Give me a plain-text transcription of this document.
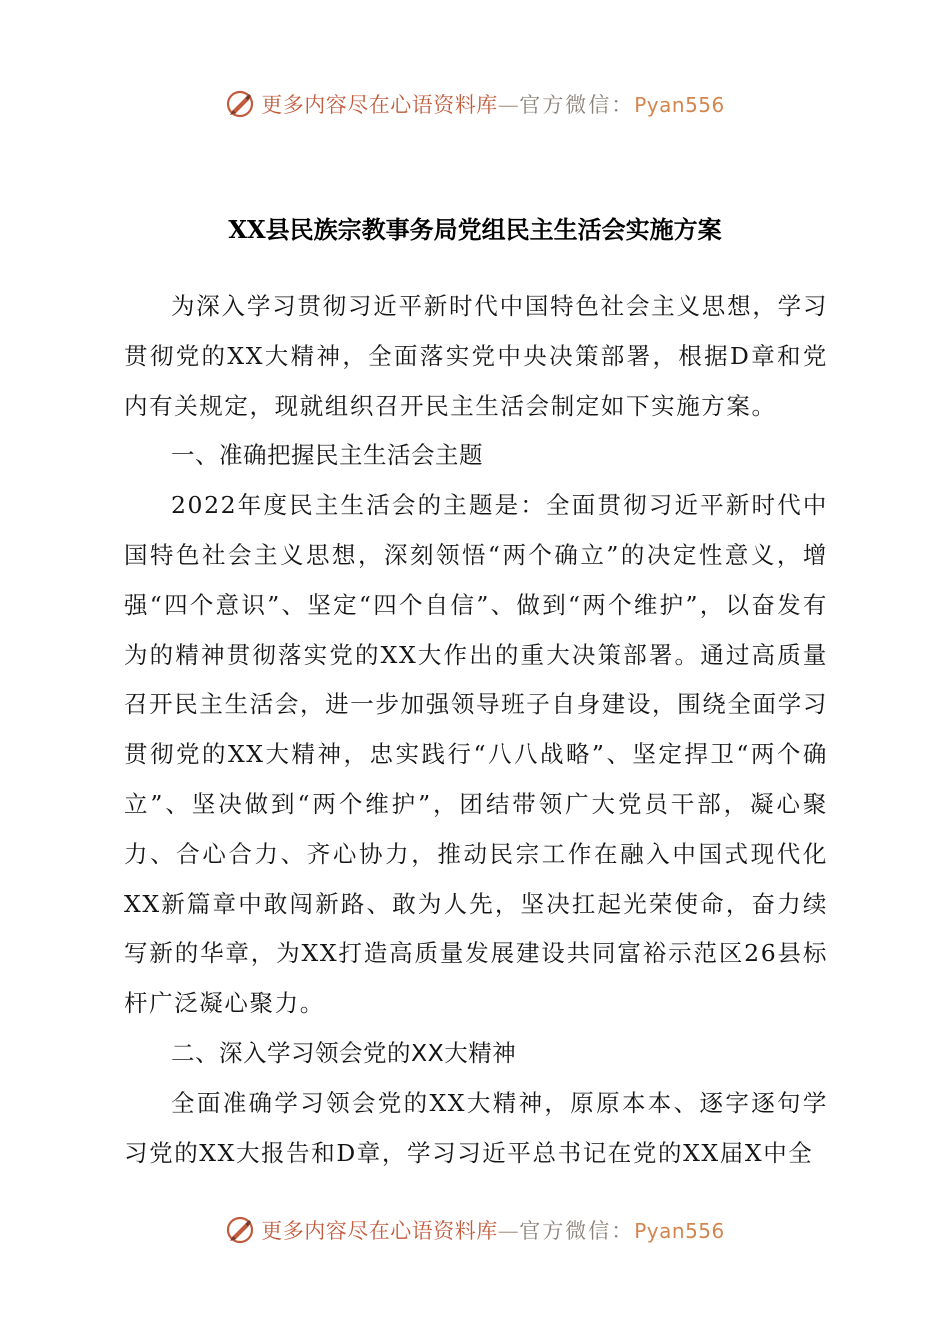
更多内容尽在心语资料库—官方微信：Pyan556
XX县民族宗教事务局党组民主生活会实施方案

为深入学习贯彻习近平新时代中国特色社会主义思想，学习贯彻党的XX大精神，全面落实党中央决策部署，根据D章和党内有关规定，现就组织召开民主生活会制定如下实施方案。

一、准确把握民主生活会主题

2022年度民主生活会的主题是：全面贯彻习近平新时代中国特色社会主义思想，深刻领悟“两个确立”的决定性意义，增强“四个意识”、坚定“四个自信”、做到“两个维护”，以奋发有为的精神贯彻落实党的XX大作出的重大决策部署。通过高质量召开民主生活会，进一步加强领导班子自身建设，围绕全面学习贯彻党的XX大精神，忠实践行“八八战略”、坚定捍卫“两个确立”、坚决做到“两个维护”，团结带领广大党员干部，凝心聚力、合心合力、齐心协力，推动民宗工作在融入中国式现代化XX新篇章中敢闯新路、敢为人先，坚决扛起光荣使命，奋力续写新的华章，为XX打造高质量发展建设共同富裕示范区26县标杆广泛凝心聚力。

二、深入学习领会党的XX大精神

全面准确学习领会党的XX大精神，原原本本、逐字逐句学习党的XX大报告和D章，学习习近平总书记在党的XX届X中全

更多内容尽在心语资料库—官方微信：Pyan556
